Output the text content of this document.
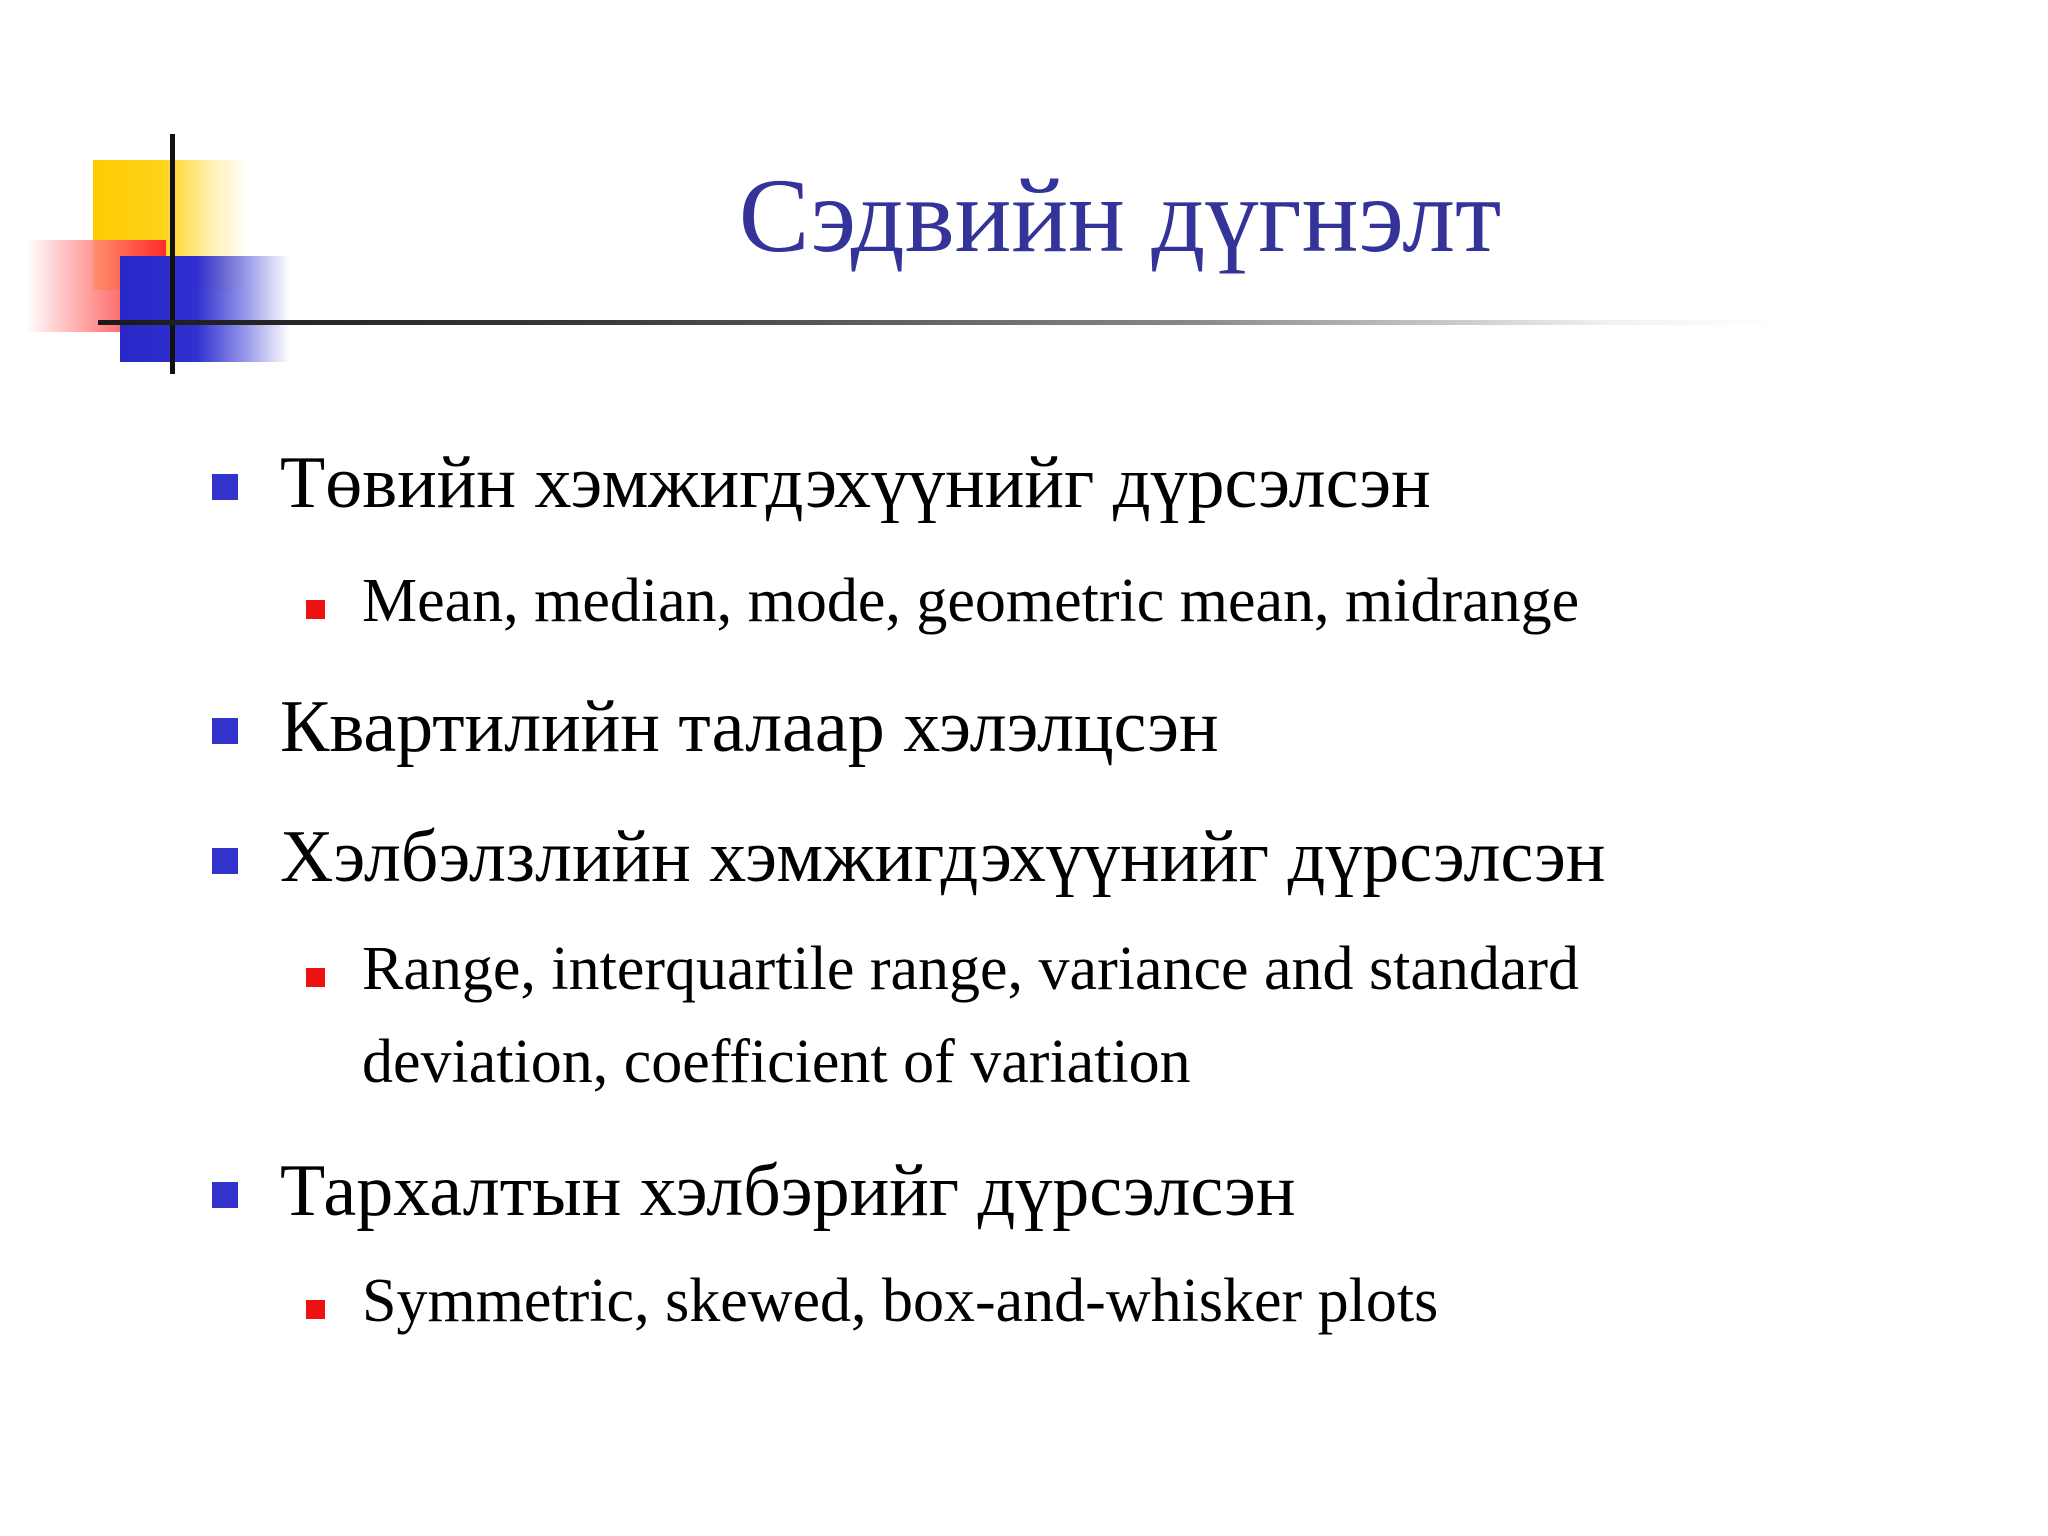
Сэдвийн дүгнэлт
Төвийн хэмжигдэхүүнийг дүрсэлсэн
Mean, median, mode, geometric mean, midrange
Квартилийн талаар хэлэлцсэн
Хэлбэлзлийн хэмжигдэхүүнийг дүрсэлсэн
Range, interquartile range, variance and standard
deviation, coefficient of variation
Тархалтын хэлбэрийг дүрсэлсэн
Symmetric, skewed, box-and-whisker plots
